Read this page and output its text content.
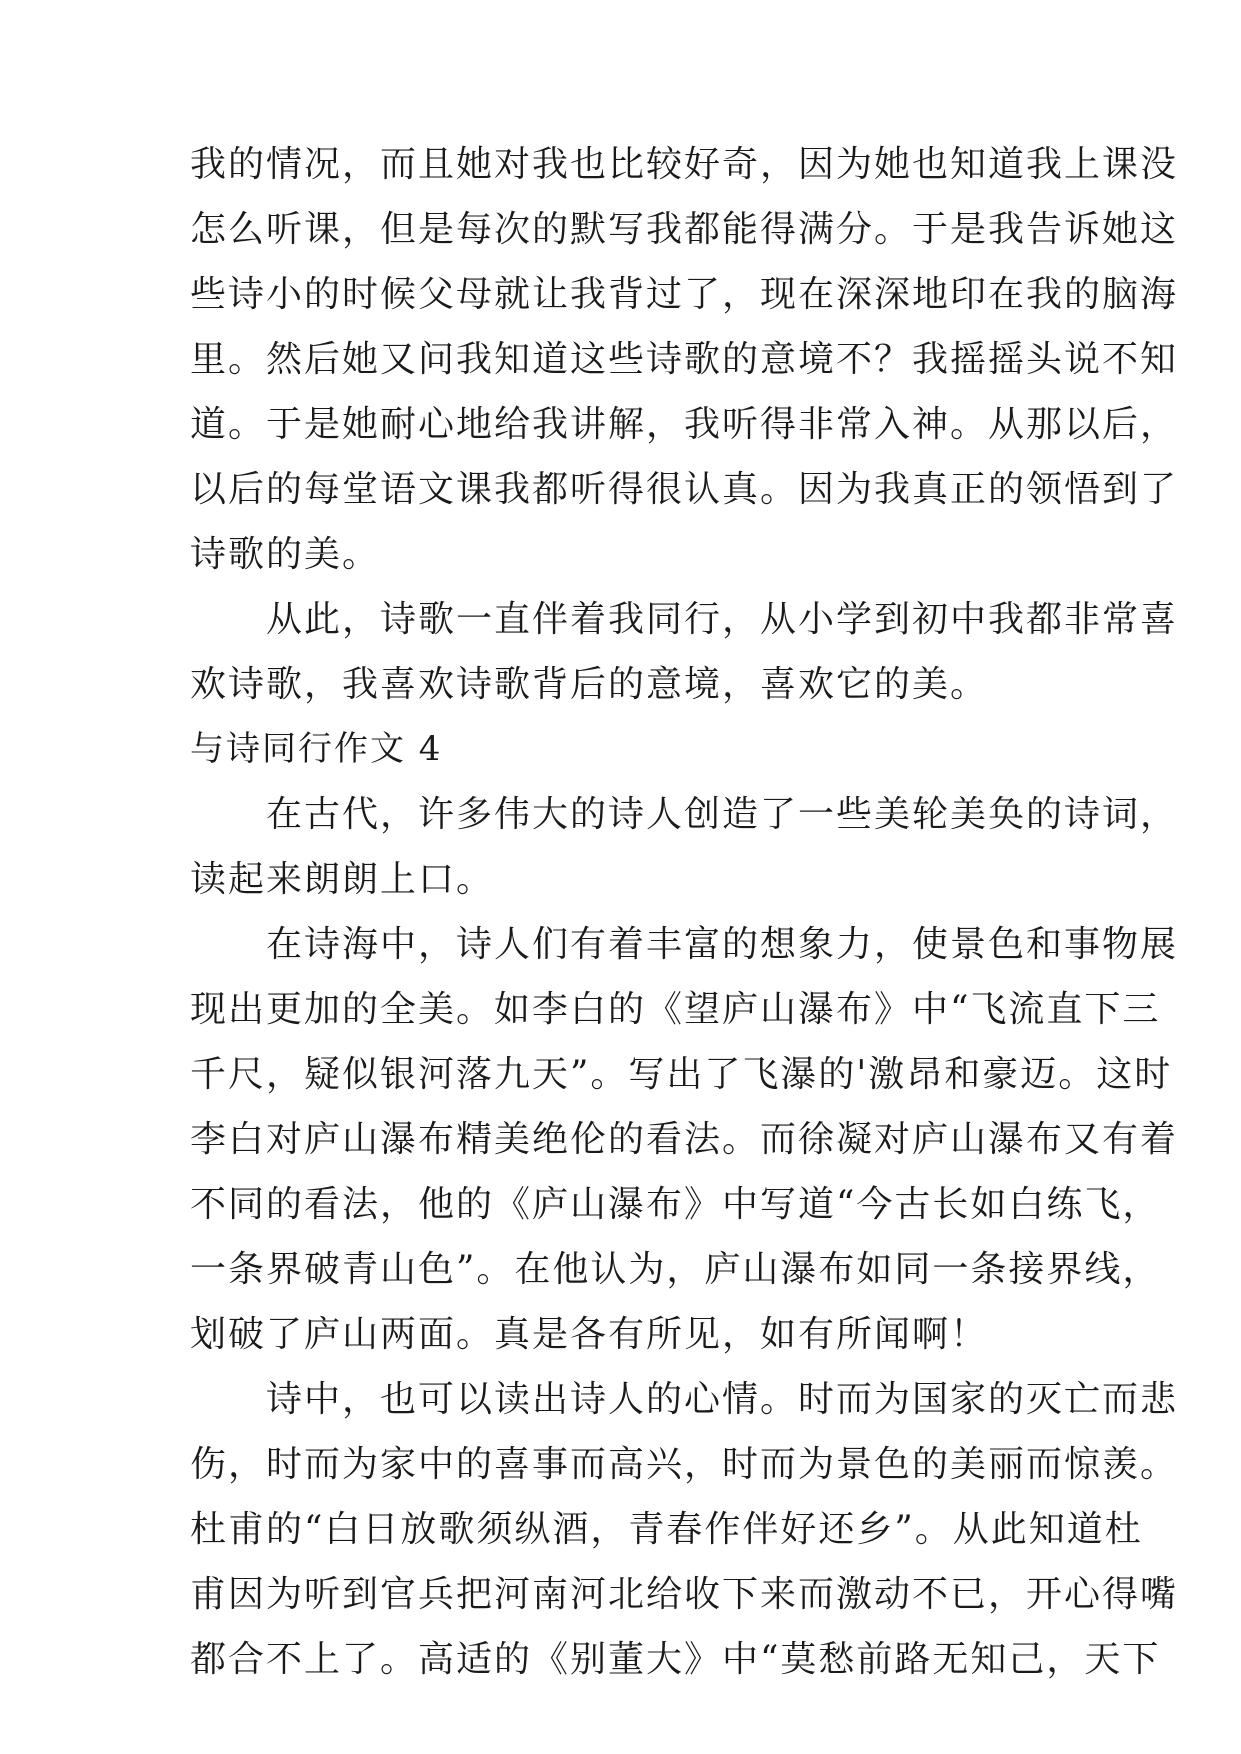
我的情况，而且她对我也比较好奇，因为她也知道我上课没
怎么听课，但是每次的默写我都能得满分。于是我告诉她这
些诗小的时候父母就让我背过了，现在深深地印在我的脑海
里。然后她又问我知道这些诗歌的意境不？我摇摇头说不知
道。于是她耐心地给我讲解，我听得非常入神。从那以后，
以后的每堂语文课我都听得很认真。因为我真正的领悟到了
诗歌的美。
　　从此，诗歌一直伴着我同行，从小学到初中我都非常喜
欢诗歌，我喜欢诗歌背后的意境，喜欢它的美。
与诗同行作文 4
　　在古代，许多伟大的诗人创造了一些美轮美奂的诗词，
读起来朗朗上口。
　　在诗海中，诗人们有着丰富的想象力，使景色和事物展
现出更加的全美。如李白的《望庐山瀑布》中“飞流直下三
千尺，疑似银河落九天”。写出了飞瀑的'激昂和豪迈。这时
李白对庐山瀑布精美绝伦的看法。而徐凝对庐山瀑布又有着
不同的看法，他的《庐山瀑布》中写道“今古长如白练飞，
一条界破青山色”。在他认为，庐山瀑布如同一条接界线，
划破了庐山两面。真是各有所见，如有所闻啊！
　　诗中，也可以读出诗人的心情。时而为国家的灭亡而悲
伤，时而为家中的喜事而高兴，时而为景色的美丽而惊羡。
杜甫的“白日放歌须纵酒，青春作伴好还乡”。从此知道杜
甫因为听到官兵把河南河北给收下来而激动不已，开心得嘴
都合不上了。高适的《别董大》中“莫愁前路无知己，天下
